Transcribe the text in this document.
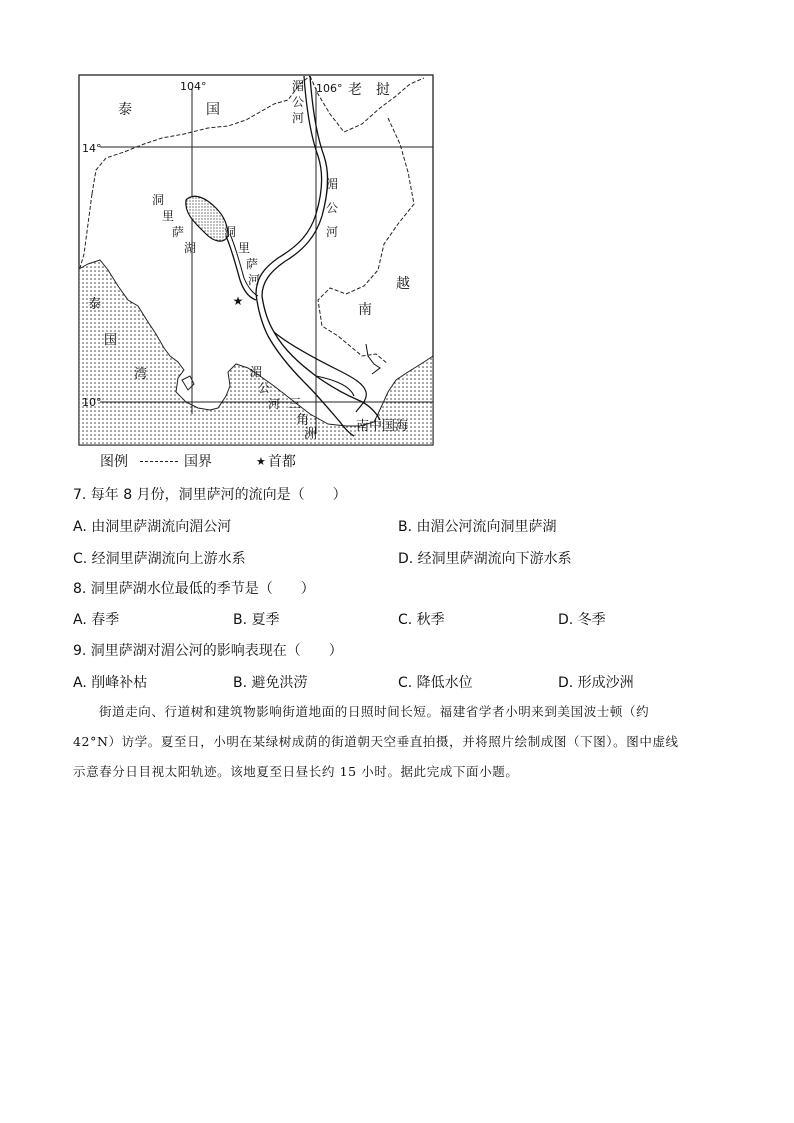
★
104°	106°
14°
10°
泰	国
老 挝
越
南
湄
公
河
湄
公
河
湄
公
河
洞
里
萨
湖
洞
里
萨
河
泰
国
湾
三
角
洲
南中国海
图例	国界	★ 首都
7. 每年 8 月份，洞里萨河的流向是（　　）
A. 由洞里萨湖流向湄公河	B. 由湄公河流向洞里萨湖
C. 经洞里萨湖流向上游水系	D. 经洞里萨湖流向下游水系
8. 洞里萨湖水位最低的季节是（　　）
A. 春季	B. 夏季	C. 秋季	D. 冬季
9. 洞里萨湖对湄公河的影响表现在（　　）
A. 削峰补枯	B. 避免洪涝	C. 降低水位	D. 形成沙洲

街道走向、行道树和建筑物影响街道地面的日照时间长短。福建省学者小明来到美国波士顿（约

42°N）访学。夏至日，小明在某绿树成荫的街道朝天空垂直拍摄，并将照片绘制成图（下图）。图中虚线

示意春分日目视太阳轨迹。该地夏至日昼长约 15 小时。据此完成下面小题。
